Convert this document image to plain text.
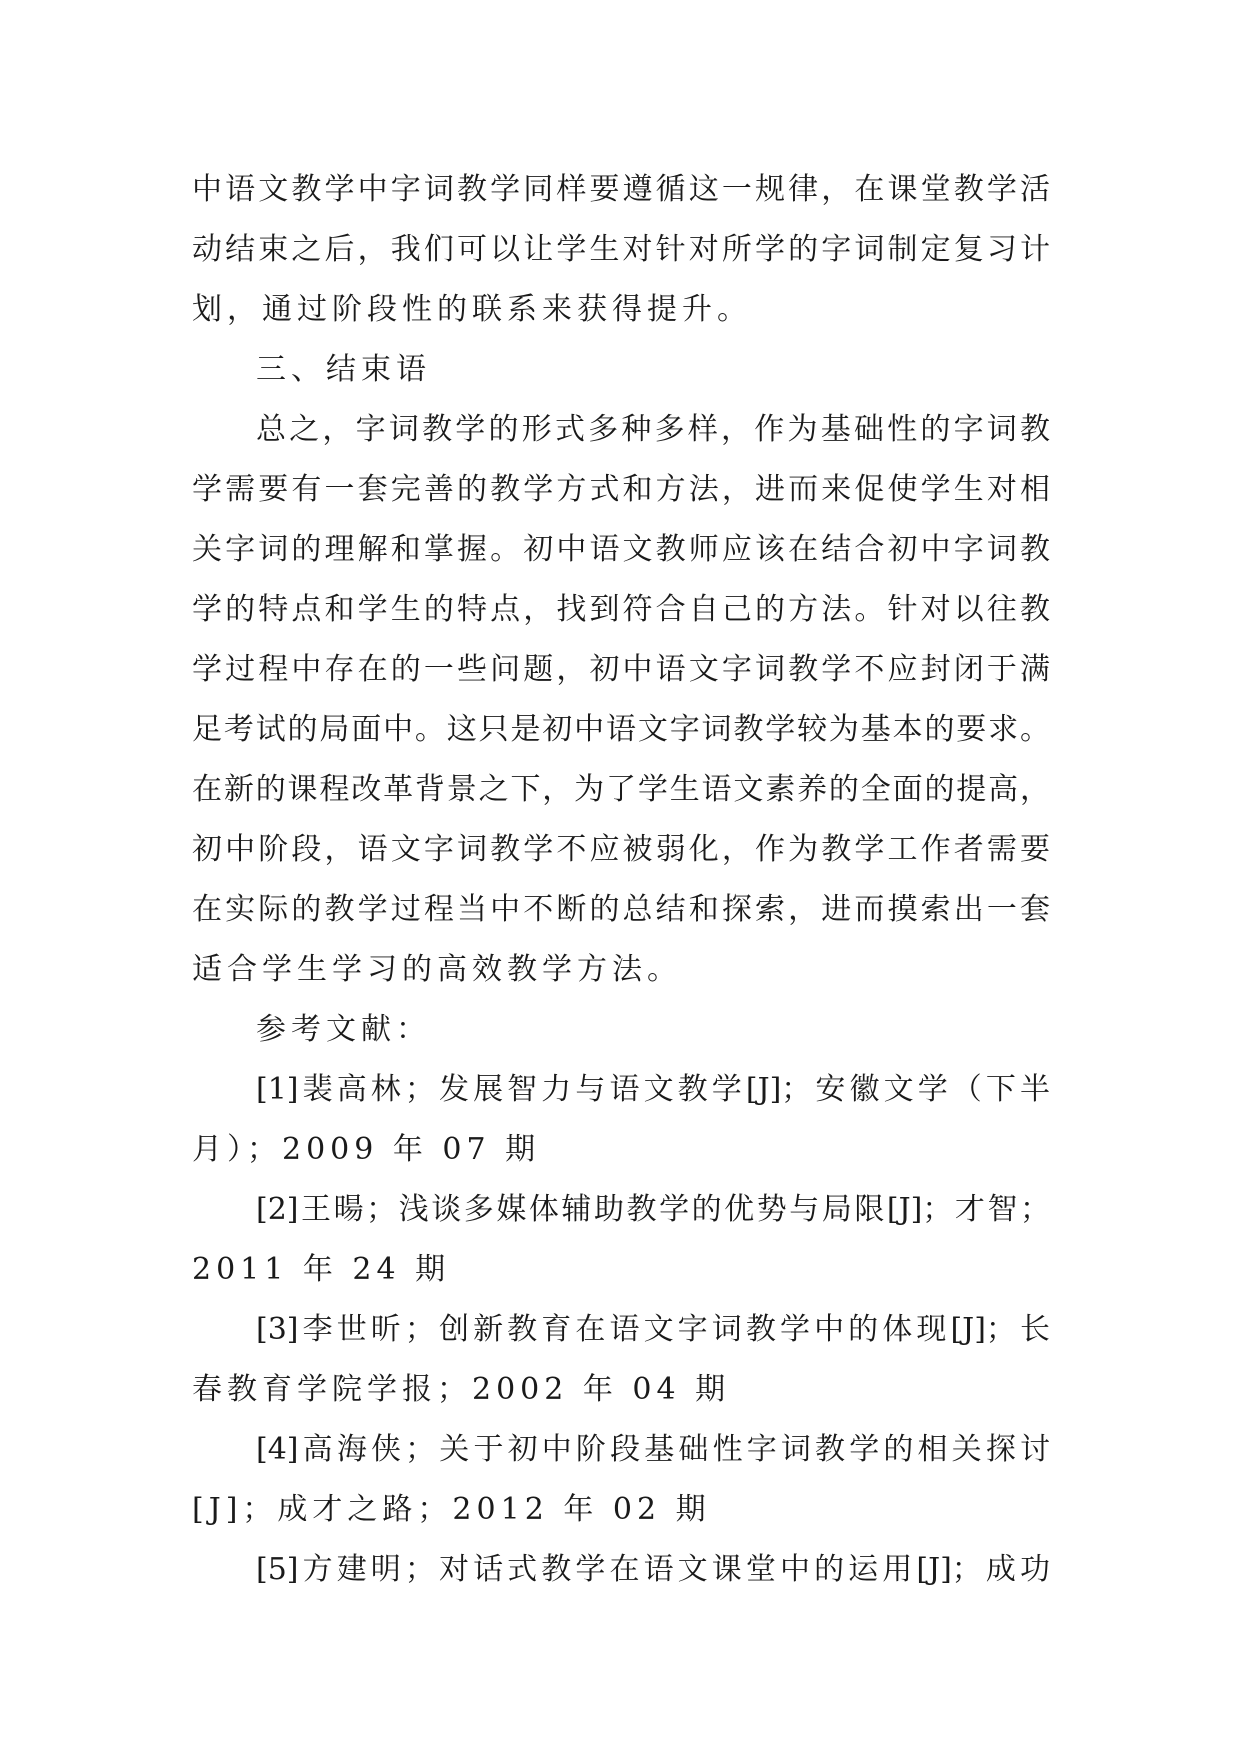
中语文教学中字词教学同样要遵循这一规律，在课堂教学活
动结束之后，我们可以让学生对针对所学的字词制定复习计
划，通过阶段性的联系来获得提升。
三、结束语
总之，字词教学的形式多种多样，作为基础性的字词教
学需要有一套完善的教学方式和方法，进而来促使学生对相
关字词的理解和掌握。初中语文教师应该在结合初中字词教
学的特点和学生的特点，找到符合自己的方法。针对以往教
学过程中存在的一些问题，初中语文字词教学不应封闭于满
足考试的局面中。这只是初中语文字词教学较为基本的要求。
在新的课程改革背景之下，为了学生语文素养的全面的提高，
初中阶段，语文字词教学不应被弱化，作为教学工作者需要
在实际的教学过程当中不断的总结和探索，进而摸索出一套
适合学生学习的高效教学方法。
参考文献：
[1]裴高林；发展智力与语文教学[J]；安徽文学（下半
月）；2009 年 07 期
[2]王暘；浅谈多媒体辅助教学的优势与局限[J]；才智；
2011 年 24 期
[3]李世昕；创新教育在语文字词教学中的体现[J]；长
春教育学院学报；2002 年 04 期
[4]高海侠；关于初中阶段基础性字词教学的相关探讨
[J]；成才之路；2012 年 02 期
[5]方建明；对话式教学在语文课堂中的运用[J]；成功
